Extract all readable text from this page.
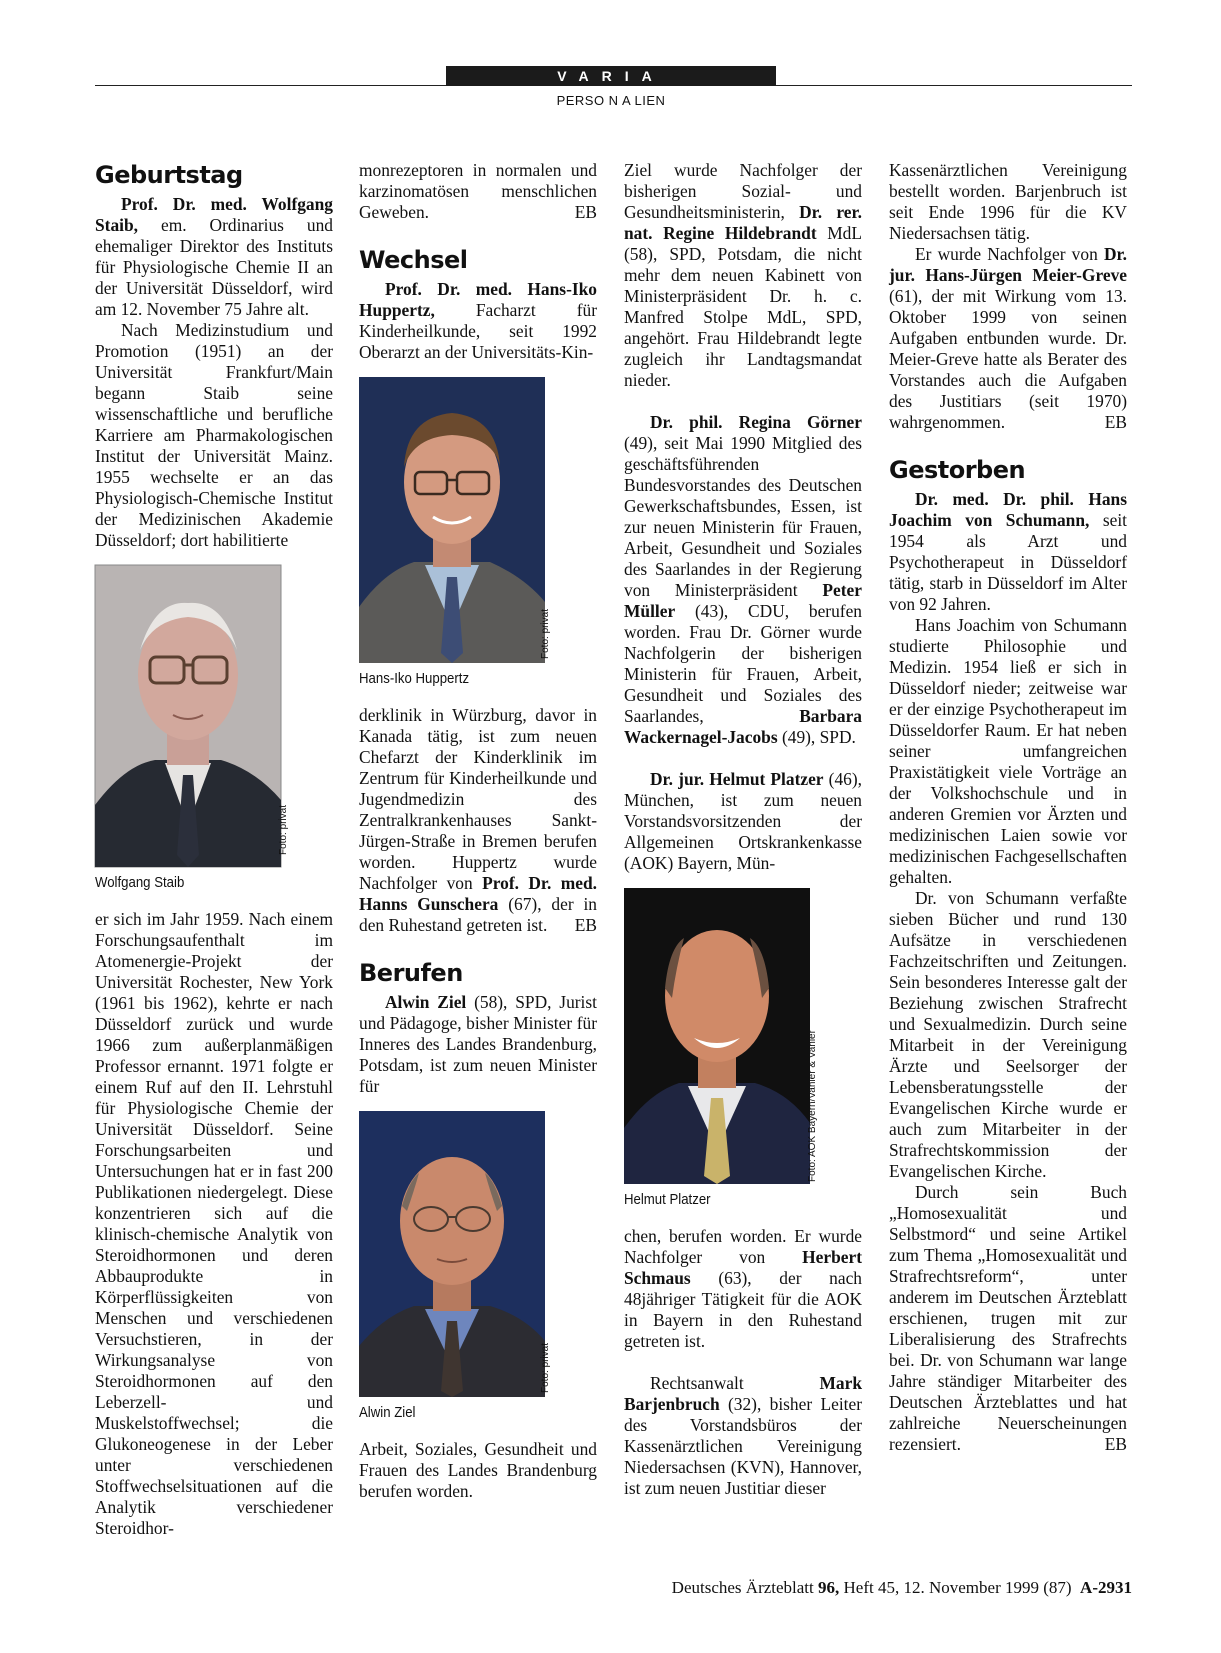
VARIA
PERSO N A LIEN
Geburtstag

Prof. Dr. med. Wolfgang Staib, em. Ordinarius und ehemaliger Direktor des Instituts für Physiologische Chemie II an der Universität Düsseldorf, wird am 12. November 75 Jahre alt.

Nach Medizinstudium und Promotion (1951) an der Universität Frankfurt/Main begann Staib seine wissenschaftliche und berufliche Karriere am Pharmakologischen Institut der Universität Mainz. 1955 wechselte er an das Physiologisch-Chemische Institut der Medizinischen Akademie Düsseldorf; dort habilitierte

Foto: privat
Wolfgang Staib

er sich im Jahr 1959. Nach einem Forschungsaufenthalt im Atomenergie-Projekt der Universität Rochester, New York (1961 bis 1962), kehrte er nach Düsseldorf zurück und wurde 1966 zum außerplanmäßigen Professor ernannt. 1971 folgte er einem Ruf auf den II. Lehrstuhl für Physiologische Chemie der Universität Düsseldorf. Seine Forschungsarbeiten und Untersuchungen hat er in fast 200 Publikationen niedergelegt. Diese konzentrieren sich auf die klinisch-chemische Analytik von Steroidhormonen und deren Abbauprodukte in Körperflüssigkeiten von Menschen und verschiedenen Versuchstieren, in der Wirkungsanalyse von Steroidhormonen auf den Leberzell- und Muskelstoffwechsel; die Glukoneogenese in der Leber unter verschiedenen Stoffwechselsituationen auf die Analytik verschiedener Steroidhor-

monrezeptoren in normalen und karzinomatösen menschlichen Geweben.	EB

Wechsel

Prof. Dr. med. Hans-Iko Huppertz, Facharzt für Kinderheilkunde, seit 1992 Oberarzt an der Universitäts-Kin-

Foto: privat
Hans-Iko Huppertz

derklinik in Würzburg, davor in Kanada tätig, ist zum neuen Chefarzt der Kinderklinik im Zentrum für Kinderheilkunde und Jugendmedizin des Zentralkrankenhauses Sankt-Jürgen-Straße in Bremen berufen worden. Huppertz wurde Nachfolger von Prof. Dr. med. Hanns Gunschera (67), der in den Ruhestand getreten ist. EB

Berufen

Alwin Ziel (58), SPD, Jurist und Pädagoge, bisher Minister für Inneres des Landes Brandenburg, Potsdam, ist zum neuen Minister für

Foto: privat
Alwin Ziel

Arbeit, Soziales, Gesundheit und Frauen des Landes Brandenburg berufen worden.

Ziel wurde Nachfolger der bisherigen Sozial- und Gesundheitsministerin, Dr. rer. nat. Regine Hildebrandt MdL (58), SPD, Potsdam, die nicht mehr dem neuen Kabinett von Ministerpräsident Dr. h. c. Manfred Stolpe MdL, SPD, angehört. Frau Hildebrandt legte zugleich ihr Landtagsmandat nieder.

Dr. phil. Regina Görner (49), seit Mai 1990 Mitglied des geschäftsführenden Bundesvorstandes des Deutschen Gewerkschaftsbundes, Essen, ist zur neuen Ministerin für Frauen, Arbeit, Gesundheit und Soziales des Saarlandes in der Regierung von Ministerpräsident Peter Müller (43), CDU, berufen worden. Frau Dr. Görner wurde Nachfolgerin der bisherigen Ministerin für Frauen, Arbeit, Gesundheit und Soziales des Saarlandes, Barbara Wackernagel-Jacobs (49), SPD.

Dr. jur. Helmut Platzer (46), München, ist zum neuen Vorstandsvorsitzenden der Allgemeinen Ortskrankenkasse (AOK) Bayern, Mün-

Foto: AOK Bayern/Vahler & Vahler
Helmut Platzer

chen, berufen worden. Er wurde Nachfolger von Herbert Schmaus (63), der nach 48jähriger Tätigkeit für die AOK in Bayern in den Ruhestand getreten ist.

Rechtsanwalt Mark Barjenbruch (32), bisher Leiter des Vorstandsbüros der Kassenärztlichen Vereinigung Niedersachsen (KVN), Hannover, ist zum neuen Justitiar dieser

Kassenärztlichen Vereinigung bestellt worden. Barjenbruch ist seit Ende 1996 für die KV Niedersachsen tätig.

Er wurde Nachfolger von Dr. jur. Hans-Jürgen Meier-Greve (61), der mit Wirkung vom 13. Oktober 1999 von seinen Aufgaben entbunden wurde. Dr. Meier-Greve hatte als Berater des Vorstandes auch die Aufgaben des Justitiars (seit 1970) wahrgenommen.	EB

Gestorben

Dr. med. Dr. phil. Hans Joachim von Schumann, seit 1954 als Arzt und Psychotherapeut in Düsseldorf tätig, starb in Düsseldorf im Alter von 92 Jahren.

Hans Joachim von Schumann studierte Philosophie und Medizin. 1954 ließ er sich in Düsseldorf nieder; zeitweise war er der einzige Psychotherapeut im Düsseldorfer Raum. Er hat neben seiner umfangreichen Praxistätigkeit viele Vorträge an der Volkshochschule und in anderen Gremien vor Ärzten und medizinischen Laien sowie vor medizinischen Fachgesellschaften gehalten.

Dr. von Schumann verfaßte sieben Bücher und rund 130 Aufsätze in verschiedenen Fachzeitschriften und Zeitungen. Sein besonderes Interesse galt der Beziehung zwischen Strafrecht und Sexualmedizin. Durch seine Mitarbeit in der Vereinigung Ärzte und Seelsorger der Lebensberatungsstelle der Evangelischen Kirche wurde er auch zum Mitarbeiter in der Strafrechtskommission der Evangelischen Kirche.

Durch sein Buch „Homosexualität und Selbstmord“ und seine Artikel zum Thema „Homosexualität und Strafrechtsreform“, unter anderem im Deutschen Ärzteblatt erschienen, trugen mit zur Liberalisierung des Strafrechts bei. Dr. von Schumann war lange Jahre ständiger Mitarbeiter des Deutschen Ärzteblattes und hat zahlreiche Neuerscheinungen rezensiert.	EB

Deutsches Ärzteblatt 96, Heft 45, 12. November 1999 (87) A-2931
